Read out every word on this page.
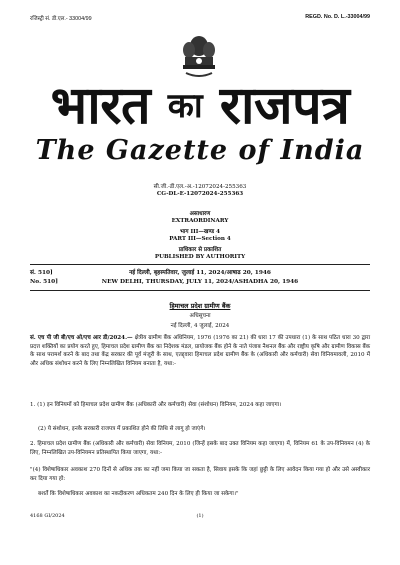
रजिस्ट्री सं. डी.एल.- 33004/99	REGD. No. D. L.-33004/99
भारत का राजपत्र
The Gazette of India
सी.जी.-डी.एल.-अ.-12072024-255363
CG-DL-E-12072024-255363
असाधारण
EXTRAORDINARY
भाग III—खण्ड 4
PART III—Section 4
प्राधिकार से प्रकाशित
PUBLISHED BY AUTHORITY
सं. 510]	नई दिल्ली, बृहस्पतिवार, जुलाई 11, 2024/आषाढ 20, 1946
No. 510]	NEW DELHI, THURSDAY, JULY 11, 2024/ASHADHA 20, 1946
हिमाचल प्रदेश ग्रामीण बैंक
अधिसूचना
नई दिल्ली, 4 जुलाई, 2024
सं. एच पी जी बी/एच ओ/एच आर डी/2024.— क्षेत्रीय ग्रामीण बैंक अधिनियम, 1976 (1976 का 21) की धारा 17 की उपधारा (1) के साथ पठित धारा 30 द्वारा प्रदत्त शक्तियों का प्रयोग करते हुए, हिमाचल प्रदेश ग्रामीण बैंक का निदेशक मंडल, प्रायोजक बैंक होने के नाते पंजाब नैशनल बैंक और राष्ट्रीय कृषि और ग्रामीण विकास बैंक के साथ परामर्श करने के बाद तथा केंद्र सरकार की पूर्व मंजूरी के साथ, एतद्द्वारा हिमाचल प्रदेश ग्रामीण बैंक के (अधिकारी और कर्मचारी) सेवा विनियमावली, 2010 में और अधिक संशोधन करने के लिए निम्नलिखित विनियम बनाता है, यथा:-
1. (1) इन विनियमों को हिमाचल प्रदेश ग्रामीण बैंक (अधिकारी और कर्मचारी) सेवा (संशोधन) विनियम, 2024 कहा जाएगा।
(2) ये संशोधन, इनके सरकारी राजपत्र में प्रकाशित होने की तिथि से लागू हो जाएंगे।
2. हिमाचल प्रदेश ग्रामीण बैंक (अधिकारी और कर्मचारी) सेवा विनियम, 2010 (जिन्हें इसके बाद उक्त विनियम कहा जाएगा) में, विनियम 61 के उप-विनियमन (4) के लिए, निम्नलिखित उप-विनियमन प्रतिस्थापित किया जाएगा, यथा:-
"(4) विशेषाधिकार अवकाश 270 दिनों से अधिक तक का नहीं जमा किया जा सकता है, सिवाय इसके कि जहां छुट्टी के लिए आवेदन किया गया हो और उसे अस्वीकार कर दिया गया हो:
बशर्ते कि विशेषाधिकार अवकाश का नकदीकरण अधिकतम 240 दिन के लिए ही किया जा सकेगा।"
4168 GI/2024	(1)
